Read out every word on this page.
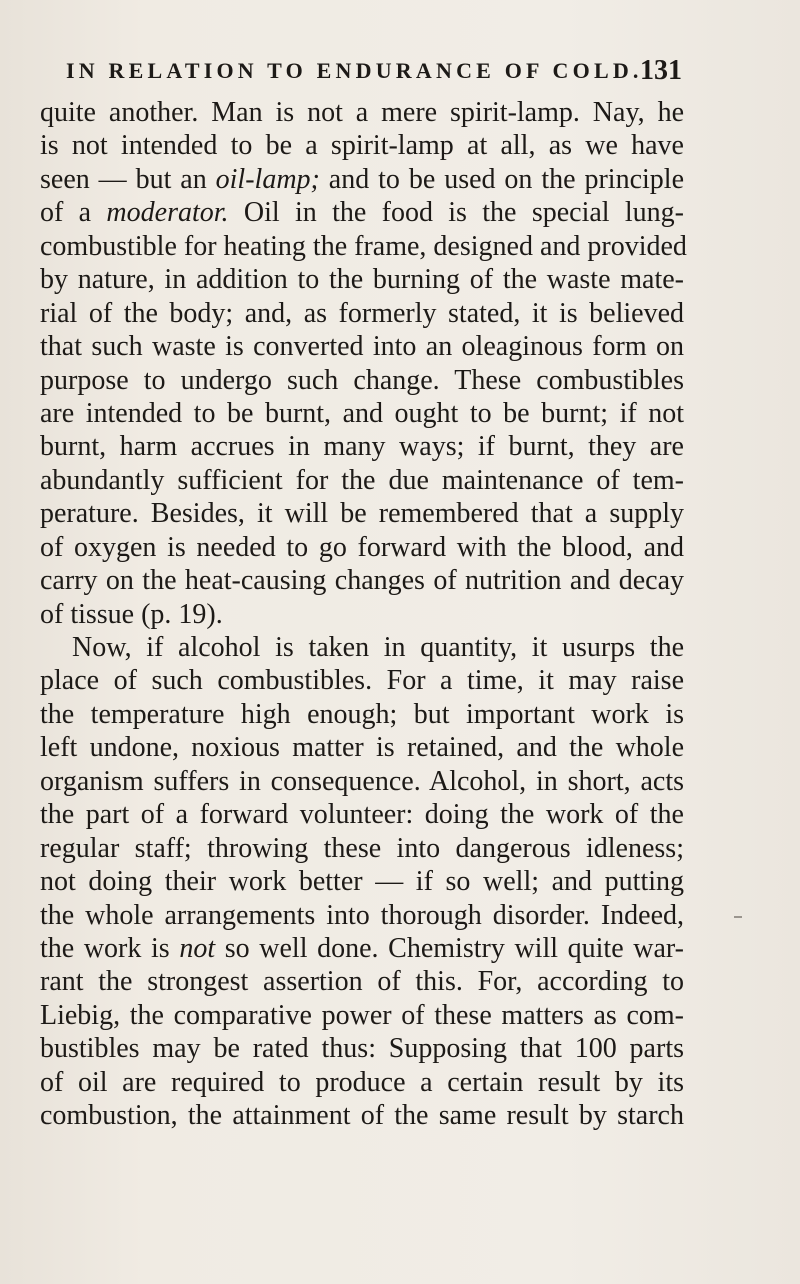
IN RELATION TO ENDURANCE OF COLD.
131
quite another. Man is not a mere spirit-lamp. Nay, he
is not intended to be a spirit-lamp at all, as we have
seen — but an oil-lamp; and to be used on the principle
of a moderator. Oil in the food is the special lung-
combustible for heating the frame, designed and provided
by nature, in addition to the burning of the waste mate-
rial of the body; and, as formerly stated, it is believed
that such waste is converted into an oleaginous form on
purpose to undergo such change. These combustibles
are intended to be burnt, and ought to be burnt; if not
burnt, harm accrues in many ways; if burnt, they are
abundantly sufficient for the due maintenance of tem-
perature. Besides, it will be remembered that a supply
of oxygen is needed to go forward with the blood, and
carry on the heat-causing changes of nutrition and decay
of tissue (p. 19).
Now, if alcohol is taken in quantity, it usurps the
place of such combustibles. For a time, it may raise
the temperature high enough; but important work is
left undone, noxious matter is retained, and the whole
organism suffers in consequence. Alcohol, in short, acts
the part of a forward volunteer: doing the work of the
regular staff; throwing these into dangerous idleness;
not doing their work better — if so well; and putting
the whole arrangements into thorough disorder. Indeed,
the work is not so well done. Chemistry will quite war-
rant the strongest assertion of this. For, according to
Liebig, the comparative power of these matters as com-
bustibles may be rated thus: Supposing that 100 parts
of oil are required to produce a certain result by its
combustion, the attainment of the same result by starch
